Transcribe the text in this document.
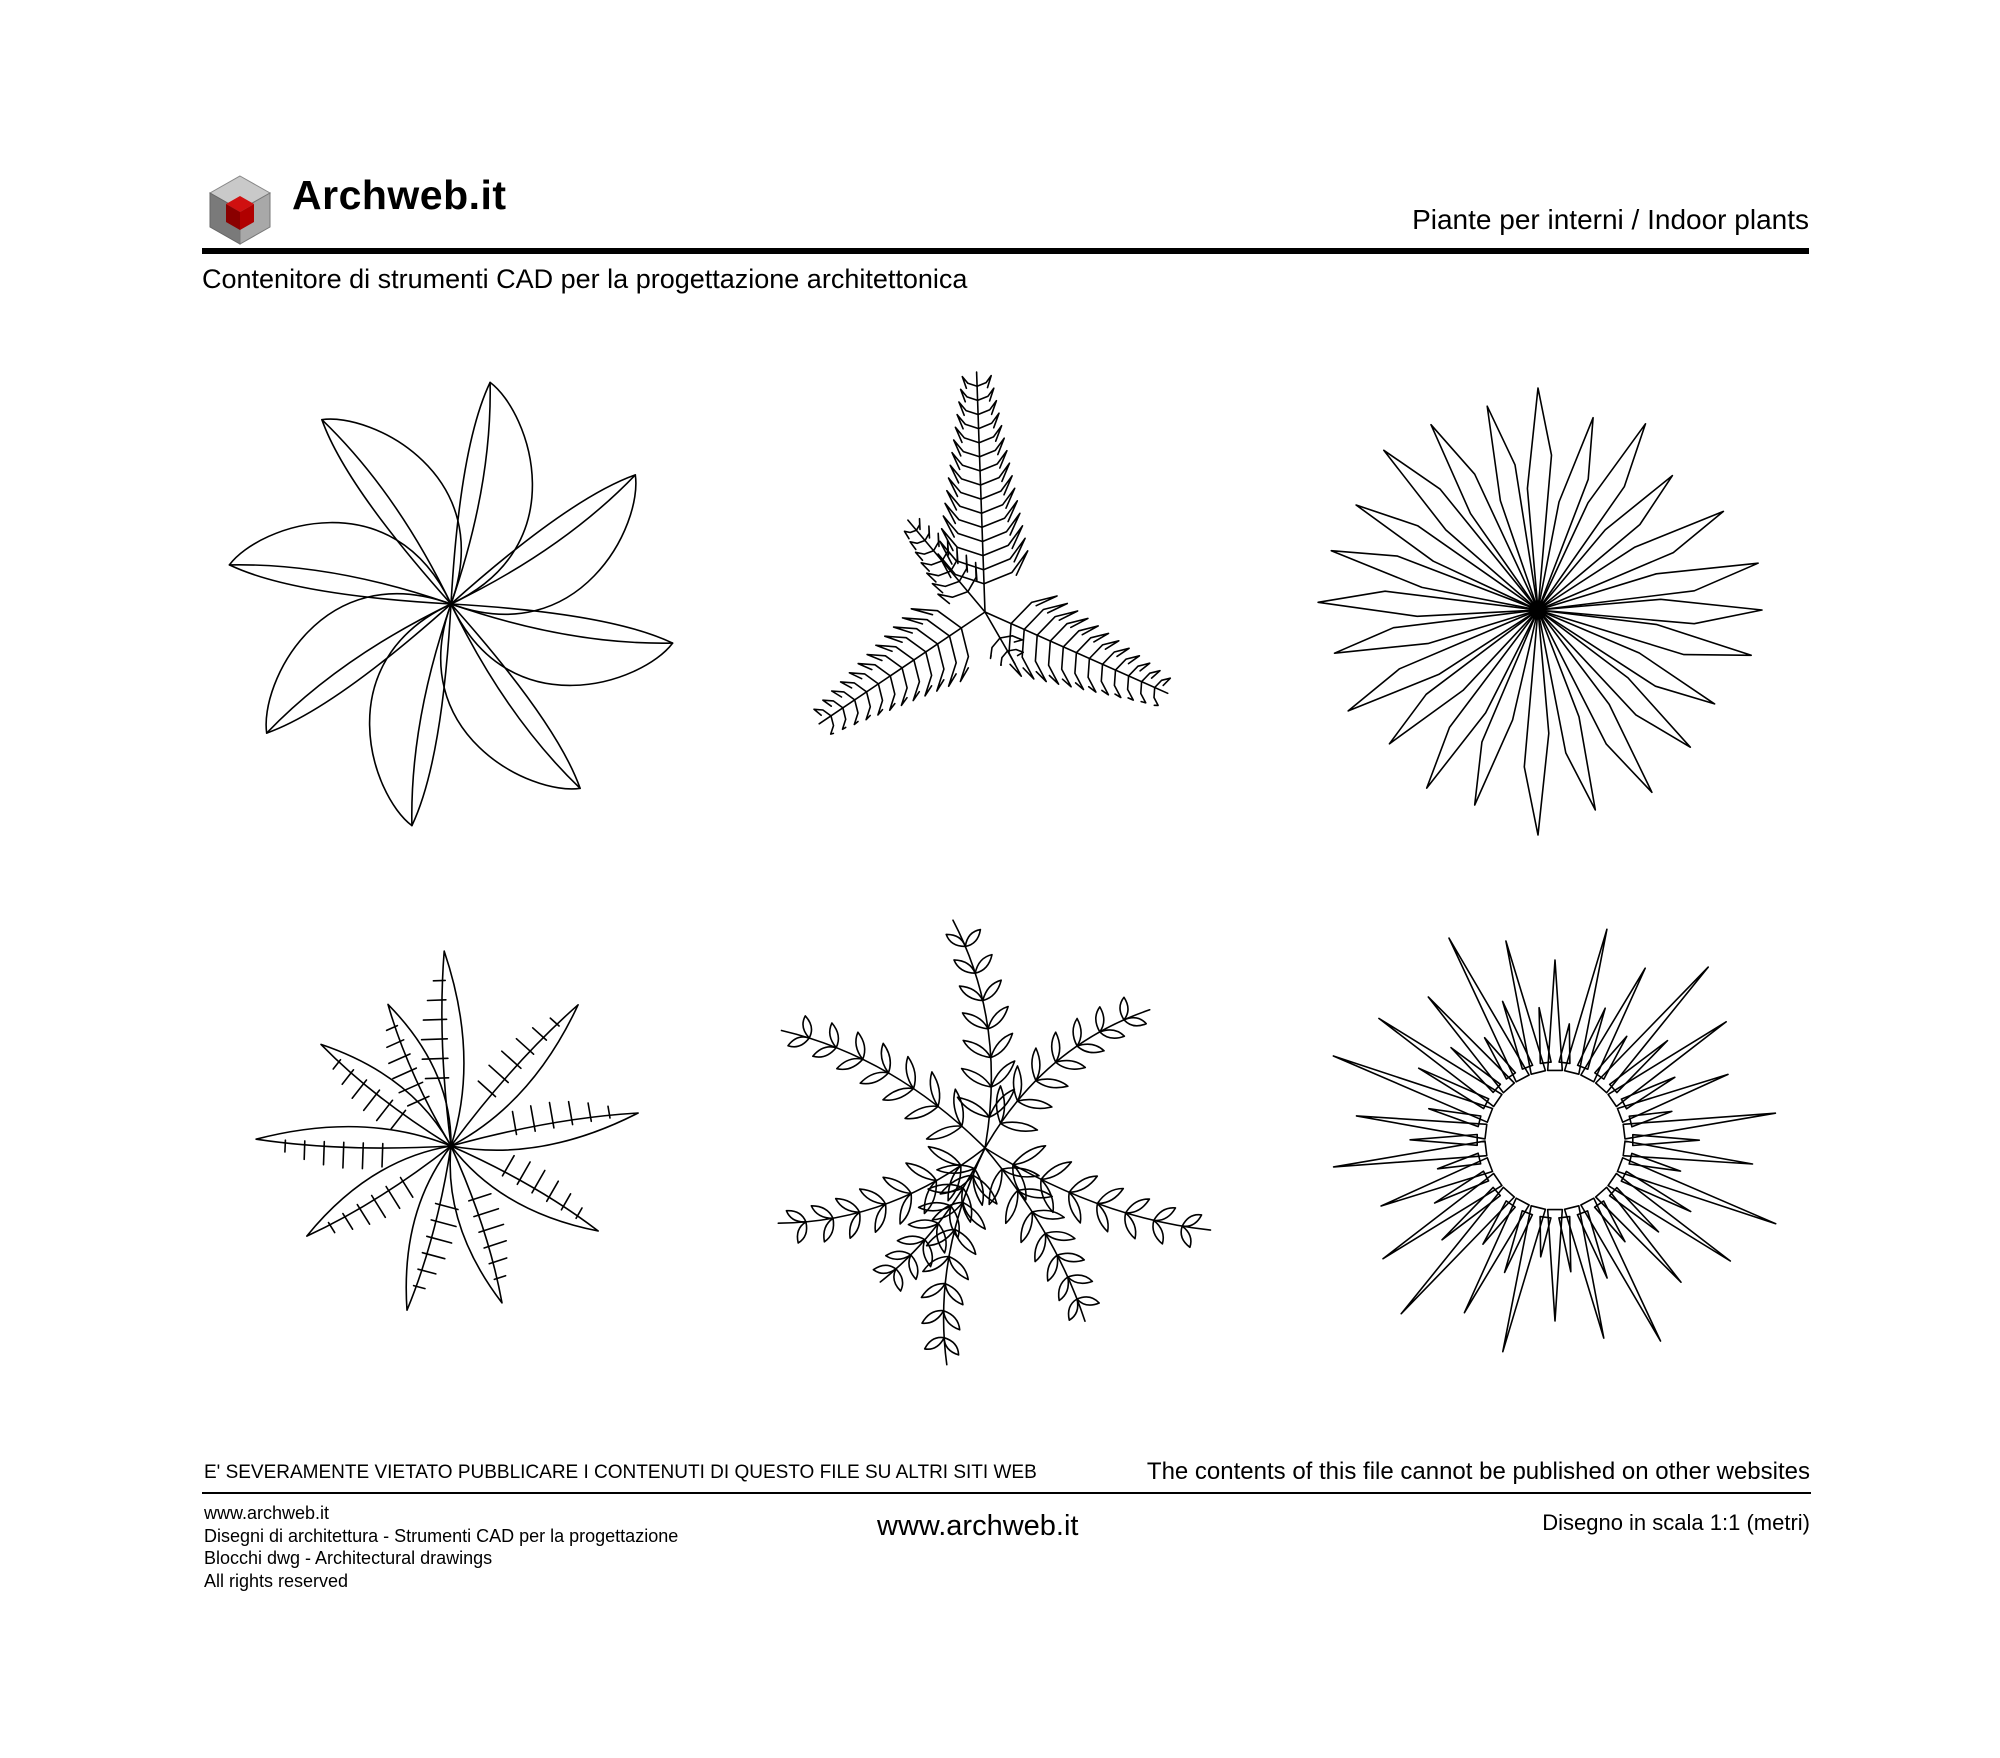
Archweb.it
Piante per interni / Indoor plants
Contenitore di strumenti CAD per la progettazione architettonica
E' SEVERAMENTE VIETATO PUBBLICARE I CONTENUTI DI QUESTO FILE SU ALTRI SITI WEB	The contents of this file cannot be published on other websites
www.archweb.it
Disegni di architettura - Strumenti CAD per la progettazione
Blocchi dwg - Architectural drawings
All rights reserved
www.archweb.it	Disegno in scala 1:1 (metri)
